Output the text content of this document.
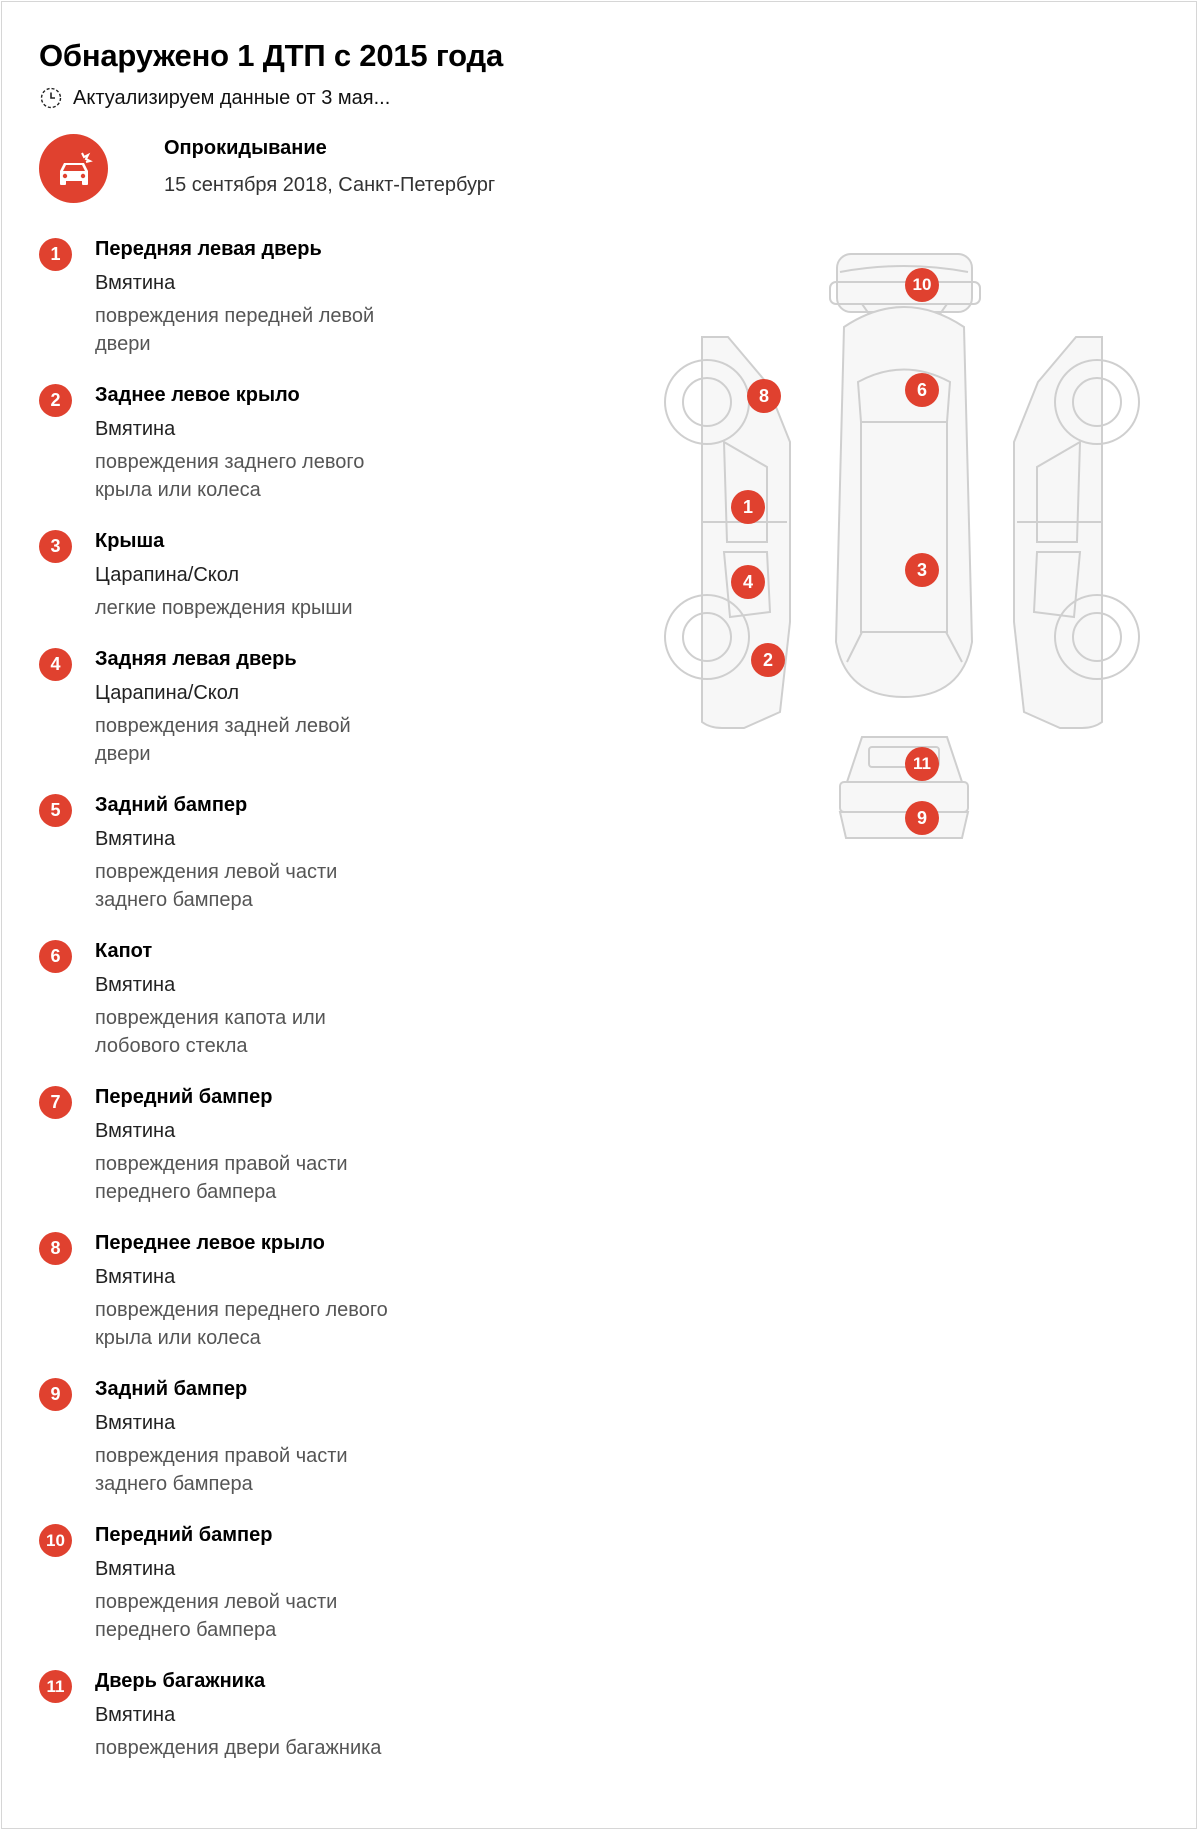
Обнаружено 1 ДТП с 2015 года
Актуализируем данные от 3 мая...
Опрокидывание
15 сентября 2018, Санкт-Петербург
1	Передняя левая дверь
Вмятина
повреждения передней левой двери
2	Заднее левое крыло
Вмятина
повреждения заднего левого крыла или колеса
3	Крыша
Царапина/Скол
легкие повреждения крыши
4	Задняя левая дверь
Царапина/Скол
повреждения задней левой двери
5	Задний бампер
Вмятина
повреждения левой части заднего бампера
6	Капот
Вмятина
повреждения капота или лобового стекла
7	Передний бампер
Вмятина
повреждения правой части переднего бампера
8	Переднее левое крыло
Вмятина
повреждения переднего левого крыла или колеса
9	Задний бампер
Вмятина
повреждения правой части заднего бампера
10	Передний бампер
Вмятина
повреждения левой части переднего бампера
11	Дверь багажника
Вмятина
повреждения двери багажника
10
8	6
1
3
4
2
11
9
